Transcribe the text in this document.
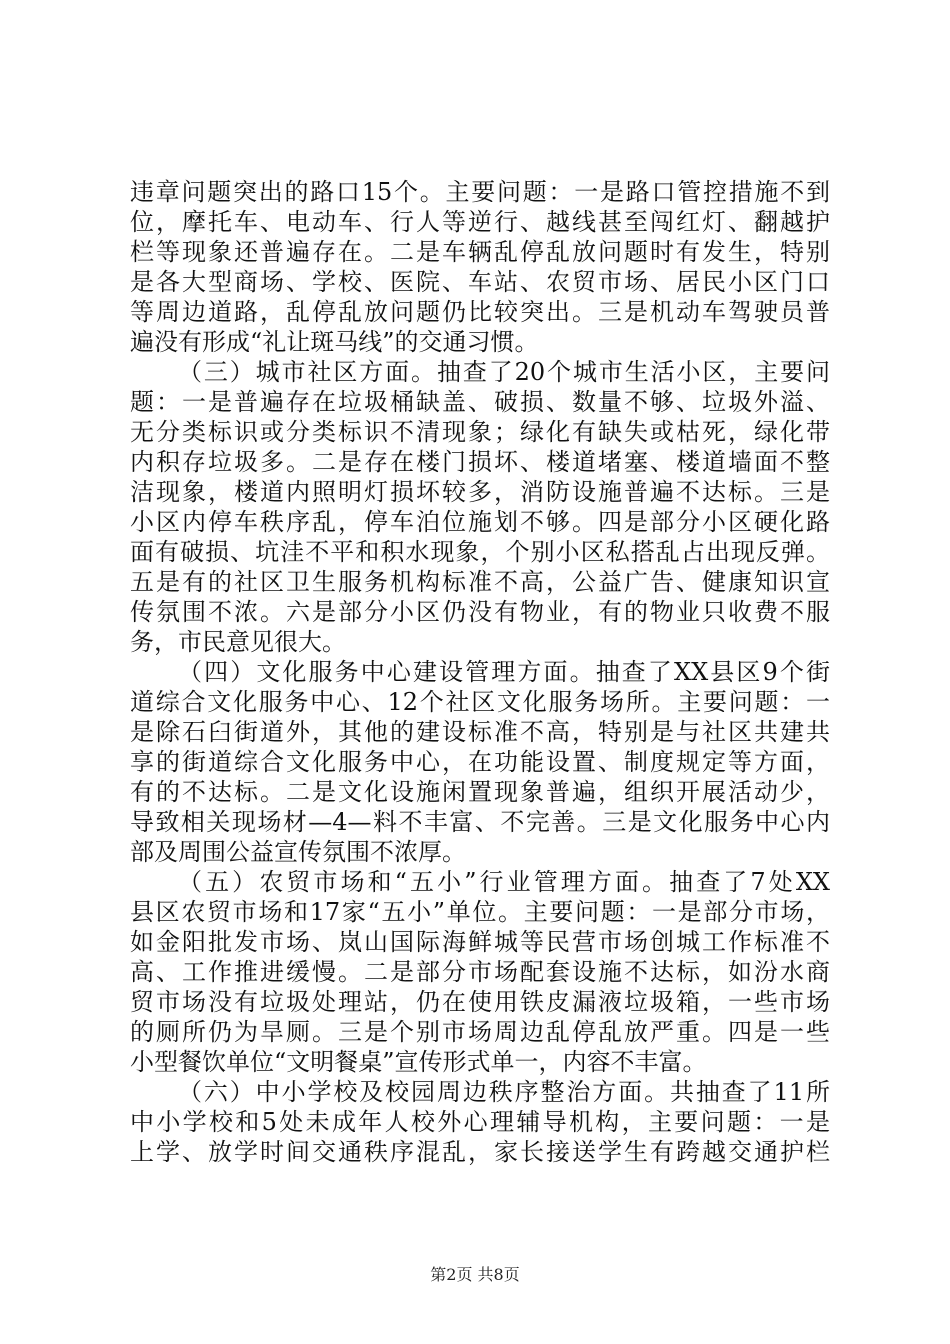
违章问题突出的路口15个。主要问题：一是路口管控措施不到
位，摩托车、电动车、行人等逆行、越线甚至闯红灯、翻越护
栏等现象还普遍存在。二是车辆乱停乱放问题时有发生，特别
是各大型商场、学校、医院、车站、农贸市场、居民小区门口
等周边道路，乱停乱放问题仍比较突出。三是机动车驾驶员普
遍没有形成“礼让斑马线”的交通习惯。
（三）城市社区方面。抽查了20个城市生活小区，主要问
题：一是普遍存在垃圾桶缺盖、破损、数量不够、垃圾外溢、
无分类标识或分类标识不清现象；绿化有缺失或枯死，绿化带
内积存垃圾多。二是存在楼门损坏、楼道堵塞、楼道墙面不整
洁现象，楼道内照明灯损坏较多，消防设施普遍不达标。三是
小区内停车秩序乱，停车泊位施划不够。四是部分小区硬化路
面有破损、坑洼不平和积水现象，个别小区私搭乱占出现反弹。
五是有的社区卫生服务机构标准不高，公益广告、健康知识宣
传氛围不浓。六是部分小区仍没有物业，有的物业只收费不服
务，市民意见很大。
（四）文化服务中心建设管理方面。抽查了XX县区9个街
道综合文化服务中心、12个社区文化服务场所。主要问题：一
是除石臼街道外，其他的建设标准不高，特别是与社区共建共
享的街道综合文化服务中心，在功能设置、制度规定等方面，
有的不达标。二是文化设施闲置现象普遍，组织开展活动少，
导致相关现场材—4—料不丰富、不完善。三是文化服务中心内
部及周围公益宣传氛围不浓厚。
（五）农贸市场和“五小”行业管理方面。抽查了7处XX
县区农贸市场和17家“五小”单位。主要问题：一是部分市场，
如金阳批发市场、岚山国际海鲜城等民营市场创城工作标准不
高、工作推进缓慢。二是部分市场配套设施不达标，如汾水商
贸市场没有垃圾处理站，仍在使用铁皮漏液垃圾箱，一些市场
的厕所仍为旱厕。三是个别市场周边乱停乱放严重。四是一些
小型餐饮单位“文明餐桌”宣传形式单一，内容不丰富。
（六）中小学校及校园周边秩序整治方面。共抽查了11所
中小学校和5处未成年人校外心理辅导机构，主要问题：一是
上学、放学时间交通秩序混乱，家长接送学生有跨越交通护栏
第2页 共8页
